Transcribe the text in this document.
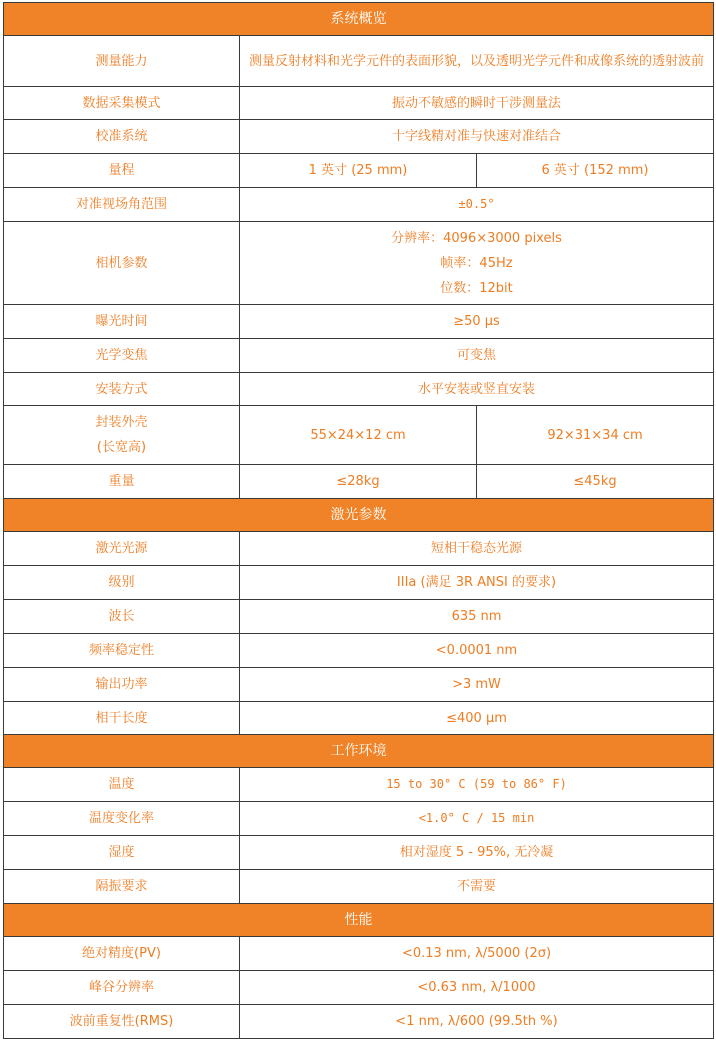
系统概览		
测量能力	测量反射材料和光学元件的表面形貌，以及透明光学元件和成像系统的透射波前	
数据采集模式	振动不敏感的瞬时干涉测量法	
校准系统	十字线精对准与快速对准结合	
量程	1 英寸 (25 mm)	6 英寸 (152 mm)
对准视场角范围	±0.5°	
相机参数	分辨率：4096×3000 pixels
帧率：45Hz
位数：12bit	

曝光时间	≥50 μs	
光学变焦	可变焦	
安装方式	水平安装或竖直安装	

封装外壳
(长宽高)	55×24×12 cm	92×31×34 cm
重量	≤28kg	≤45kg
激光参数		
激光光源	短相干稳态光源	
级别	IIIa (满足 3R ANSI 的要求)	
波长	635 nm	
频率稳定性	<0.0001 nm	
输出功率	>3 mW	
相干长度	≤400 μm	
工作环境		
温度	15 to 30° C (59 to 86° F)	
温度变化率	<1.0° C / 15 min	
湿度	相对湿度 5 - 95%, 无冷凝	
隔振要求	不需要	
性能		
绝对精度(PV)	<0.13 nm, λ/5000 (2σ)	
峰谷分辨率	<0.63 nm, λ/1000	
波前重复性(RMS)	<1 nm, λ/600 (99.5th %)	
